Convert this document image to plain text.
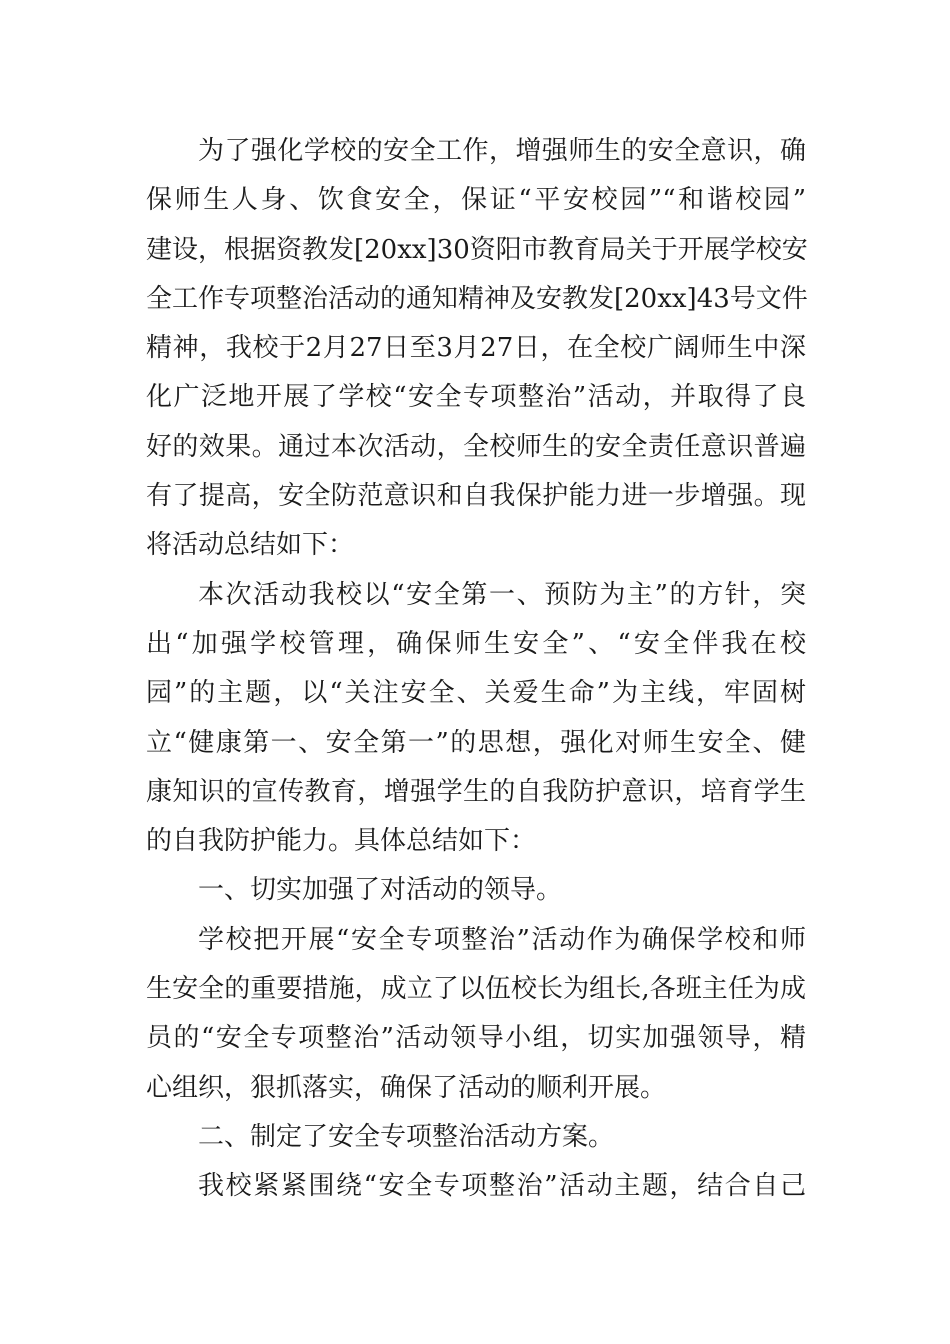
为了强化学校的安全工作，增强师生的安全意识，确
保师生人身、饮食安全，保证“平安校园”“和谐校园”
建设，根据资教发[20xx]30资阳市教育局关于开展学校安
全工作专项整治活动的通知精神及安教发[20xx]43号文件
精神，我校于2月27日至3月27日，在全校广阔师生中深
化广泛地开展了学校“安全专项整治”活动，并取得了良
好的效果。通过本次活动，全校师生的安全责任意识普遍
有了提高，安全防范意识和自我保护能力进一步增强。现
将活动总结如下：
本次活动我校以“安全第一、预防为主”的方针，突
出“加强学校管理，确保师生安全”、“安全伴我在校
园”的主题，以“关注安全、关爱生命”为主线，牢固树
立“健康第一、安全第一”的思想，强化对师生安全、健
康知识的宣传教育，增强学生的自我防护意识，培育学生
的自我防护能力。具体总结如下：
一、切实加强了对活动的领导。
学校把开展“安全专项整治”活动作为确保学校和师
生安全的重要措施，成立了以伍校长为组长,各班主任为成
员的“安全专项整治”活动领导小组，切实加强领导，精
心组织，狠抓落实，确保了活动的顺利开展。
二、制定了安全专项整治活动方案。
我校紧紧围绕“安全专项整治”活动主题，结合自己
